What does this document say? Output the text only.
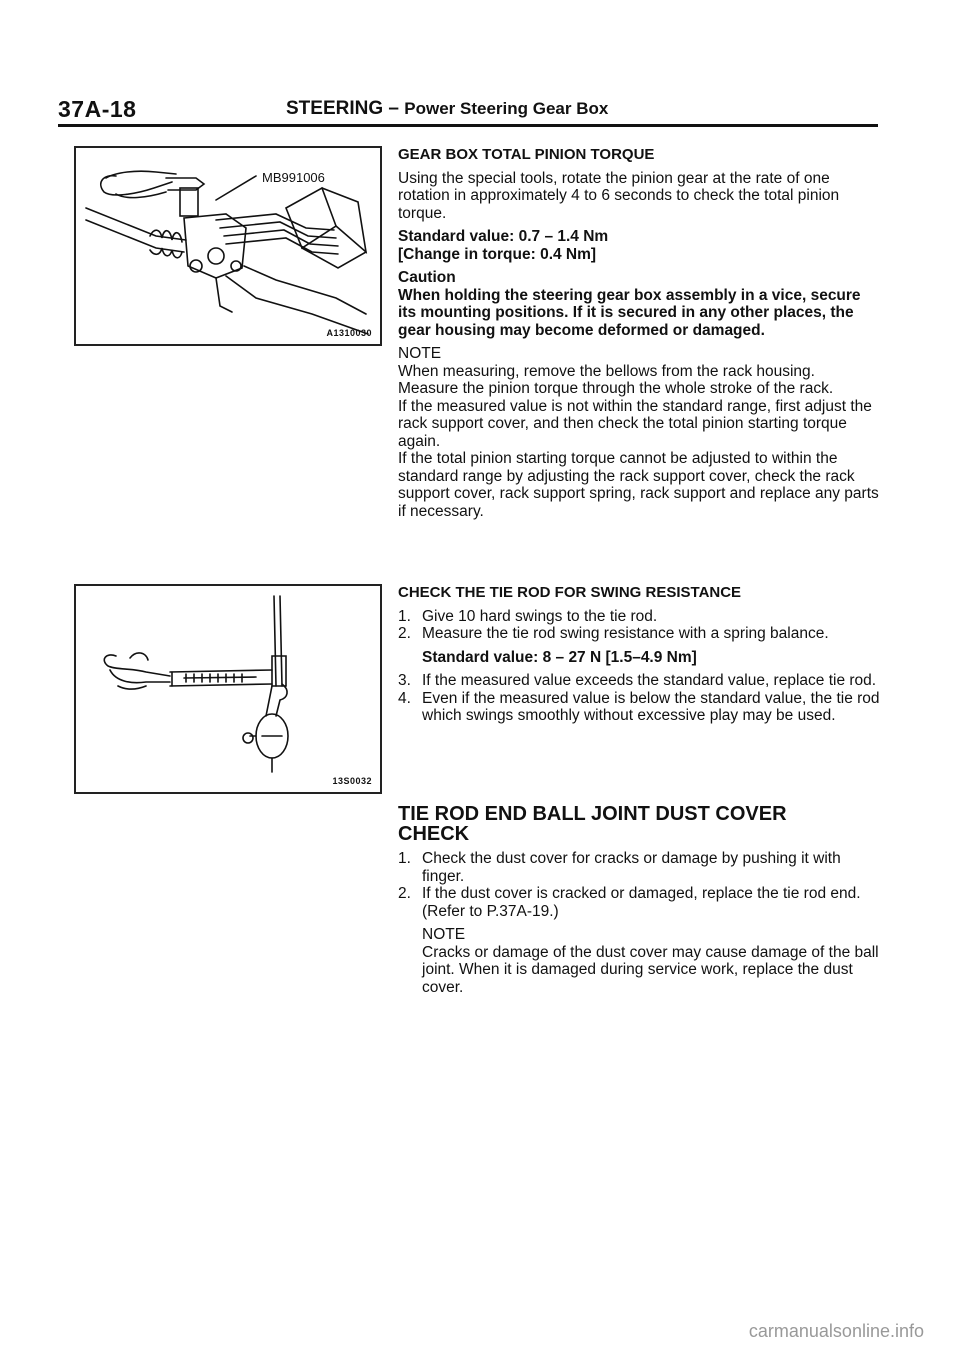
37A-18	STEERING – Power Steering Gear Box
MB991006
A1310030
13S0032

GEAR BOX TOTAL PINION TORQUE

Using the special tools, rotate the pinion gear at the rate of one rotation in approximately 4 to 6 seconds to check the total pinion torque.

Standard value: 0.7 – 1.4 Nm

[Change in torque: 0.4 Nm]

Caution

When holding the steering gear box assembly in a vice, secure its mounting positions. If it is secured in any other places, the gear housing may become deformed or damaged.

NOTE

When measuring, remove the bellows from the rack housing.

Measure the pinion torque through the whole stroke of the rack.

If the measured value is not within the standard range, first adjust the rack support cover, and then check the total pinion starting torque again.

If the total pinion starting torque cannot be adjusted to within the standard range by adjusting the rack support cover, check the rack support cover, rack support spring, rack support and replace any parts if necessary.

CHECK THE TIE ROD FOR SWING RESISTANCE

1. Give 10 hard swings to the tie rod.
2. Measure the tie rod swing resistance with a spring balance.

Standard value: 8 – 27 N [1.5–4.9 Nm]

3. If the measured value exceeds the standard value, replace tie rod.
4. Even if the measured value is below the standard value, the tie rod which swings smoothly without excessive play may be used.

TIE ROD END BALL JOINT DUST COVER

CHECK

1. Check the dust cover for cracks or damage by pushing it with finger.
2. If the dust cover is cracked or damaged, replace the tie rod end. (Refer to P.37A-19.)

NOTE

Cracks or damage of the dust cover may cause damage of the ball joint. When it is damaged during service work, replace the dust cover.

carmanualsonline.info
